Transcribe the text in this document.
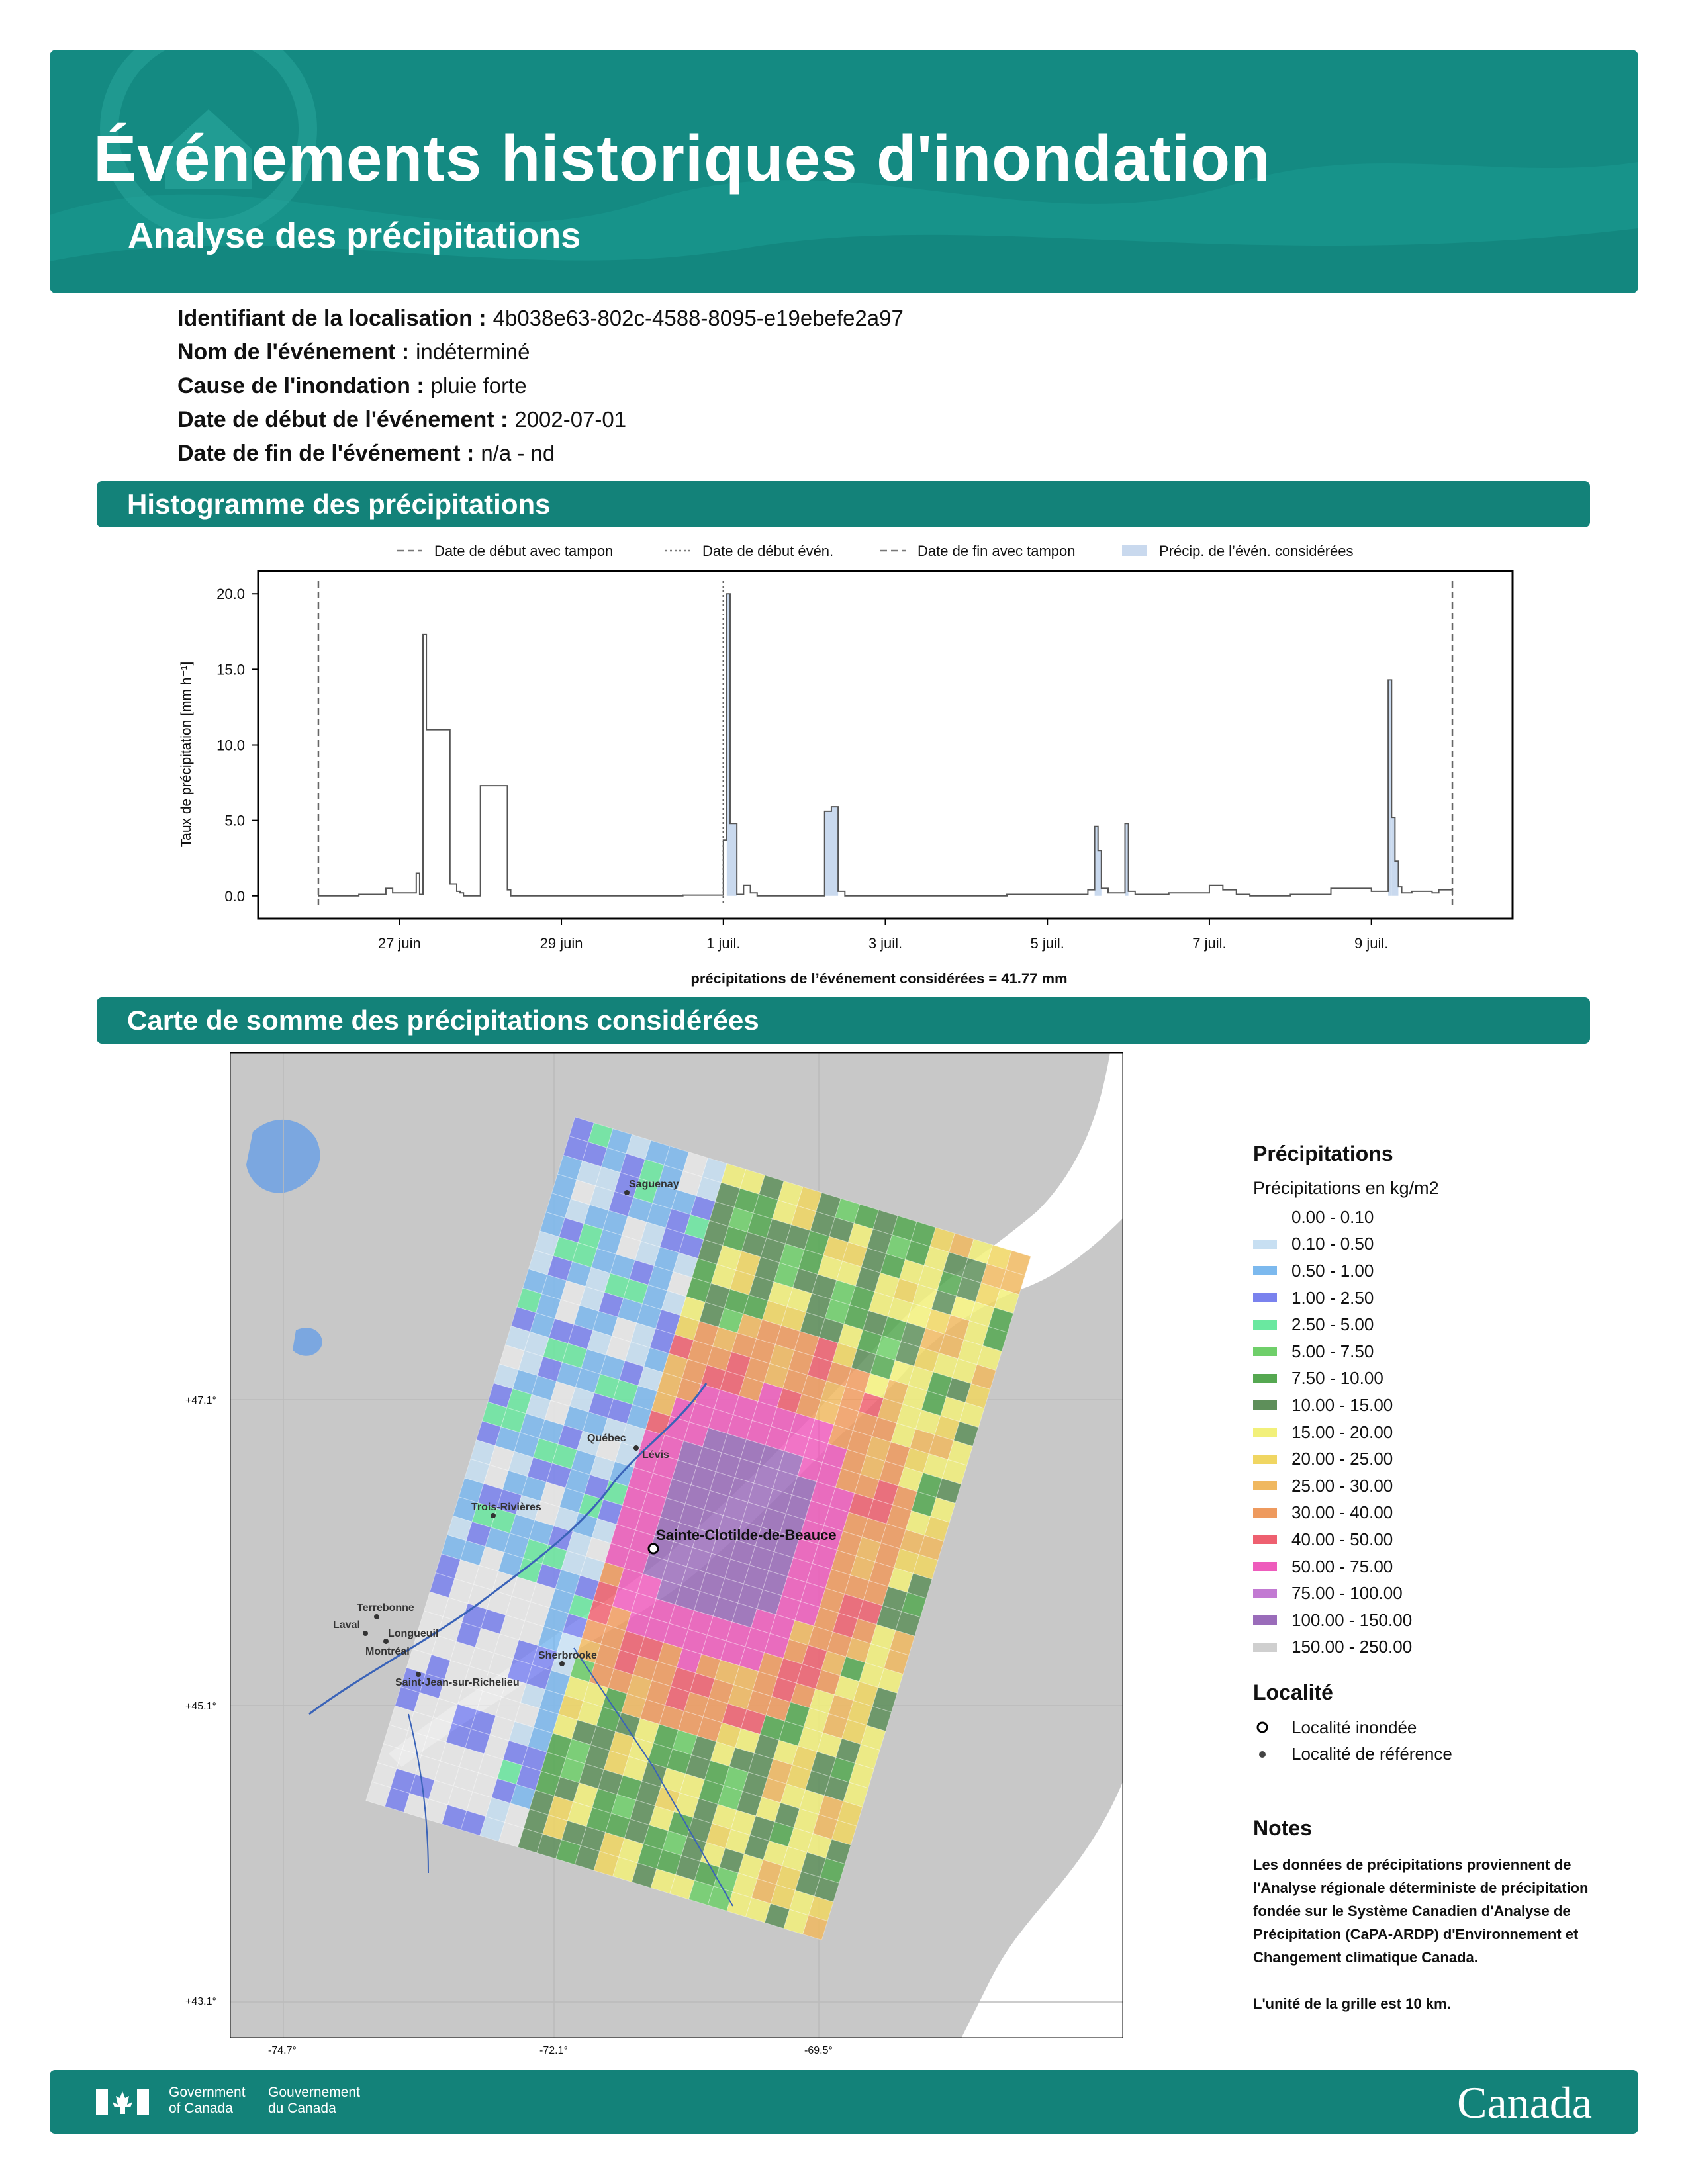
Événements historiques d'inondation
Analyse des précipitations
Identifiant de la localisation : 4b038e63-802c-4588-8095-e19ebefe2a97
Nom de l'événement : indéterminé
Cause de l'inondation : pluie forte
Date de début de l'événement : 2002-07-01
Date de fin de l'événement : n/a - nd
Histogramme des précipitations
Date de début avec tampon	Date de début évén.	Date de fin avec tampon	Précip. de l’évén. considérées
0.0
5.0
10.0
15.0
20.0
27 juin	29 juin	1 juil.	3 juil.	5 juil.	7 juil.	9 juil.
Taux de précipitation [mm h⁻¹]
précipitations de l’événement considérées = 41.77 mm
Carte de somme des précipitations considérées
Saguenay
Québec
Lévis
Trois-Rivières
Terrebonne
Laval
Longueuil
Montréal	Sherbrooke
Saint-Jean-sur-Richelieu
Sainte-Clotilde-de-Beauce
+47.1°
+45.1°
+43.1°
-74.7°	-72.1°	-69.5°
Précipitations
Précipitations en kg/m2
0.00 - 0.10
0.10 - 0.50
0.50 - 1.00
1.00 - 2.50
2.50 - 5.00
5.00 - 7.50
7.50 - 10.00
10.00 - 15.00
15.00 - 20.00
20.00 - 25.00
25.00 - 30.00
30.00 - 40.00
40.00 - 50.00
50.00 - 75.00
75.00 - 100.00
100.00 - 150.00
150.00 - 250.00
Localité
Localité inondée
Localité de référence
Notes
Les données de précipitations proviennent de l'Analyse régionale déterministe de précipitation fondée sur le Système Canadien d'Analyse de Précipitation (CaPA-ARDP) d'Environnement et Changement climatique Canada.
L'unité de la grille est 10 km.
Government
of Canada
Gouvernement
du Canada	Canada
